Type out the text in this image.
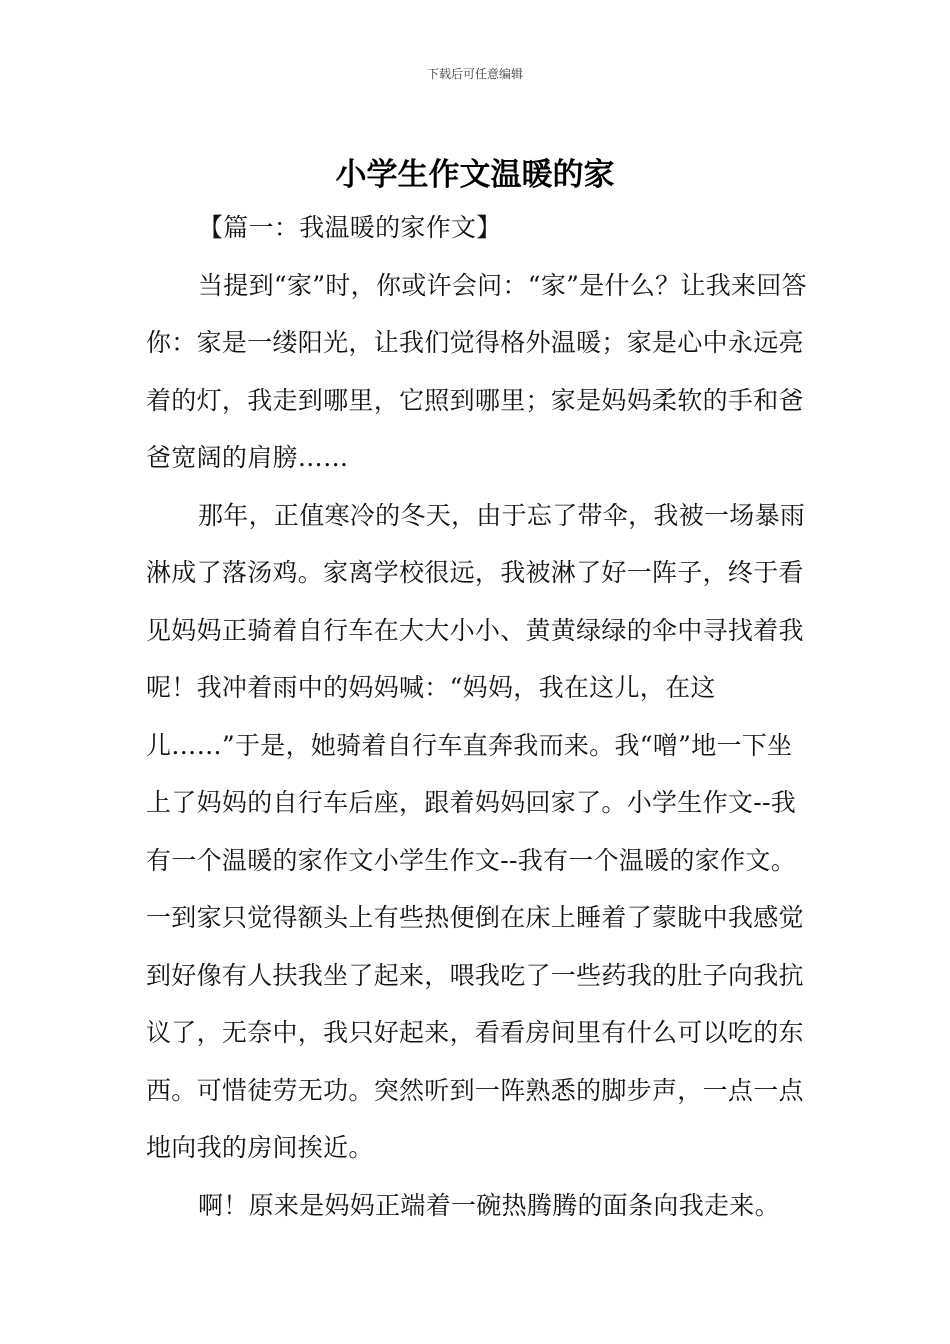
下载后可任意编辑
小学生作文温暖的家

【篇一：我温暖的家作文】

当提到“家”时，你或许会问：“家”是什么？让我来回答你：家是一缕阳光，让我们觉得格外温暖；家是心中永远亮着的灯，我走到哪里，它照到哪里；家是妈妈柔软的手和爸爸宽阔的肩膀……

那年，正值寒冷的冬天，由于忘了带伞，我被一场暴雨淋成了落汤鸡。家离学校很远，我被淋了好一阵子，终于看见妈妈正骑着自行车在大大小小、黄黄绿绿的伞中寻找着我呢！我冲着雨中的妈妈喊：“妈妈，我在这儿，在这儿……”于是，她骑着自行车直奔我而来。我“噌”地一下坐上了妈妈的自行车后座，跟着妈妈回家了。小学生作文--我有一个温暖的家作文小学生作文--我有一个温暖的家作文。一到家只觉得额头上有些热便倒在床上睡着了蒙眬中我感觉到好像有人扶我坐了起来，喂我吃了一些药我的肚子向我抗议了，无奈中，我只好起来，看看房间里有什么可以吃的东西。可惜徒劳无功。突然听到一阵熟悉的脚步声，一点一点地向我的房间挨近。

啊！原来是妈妈正端着一碗热腾腾的面条向我走来。
